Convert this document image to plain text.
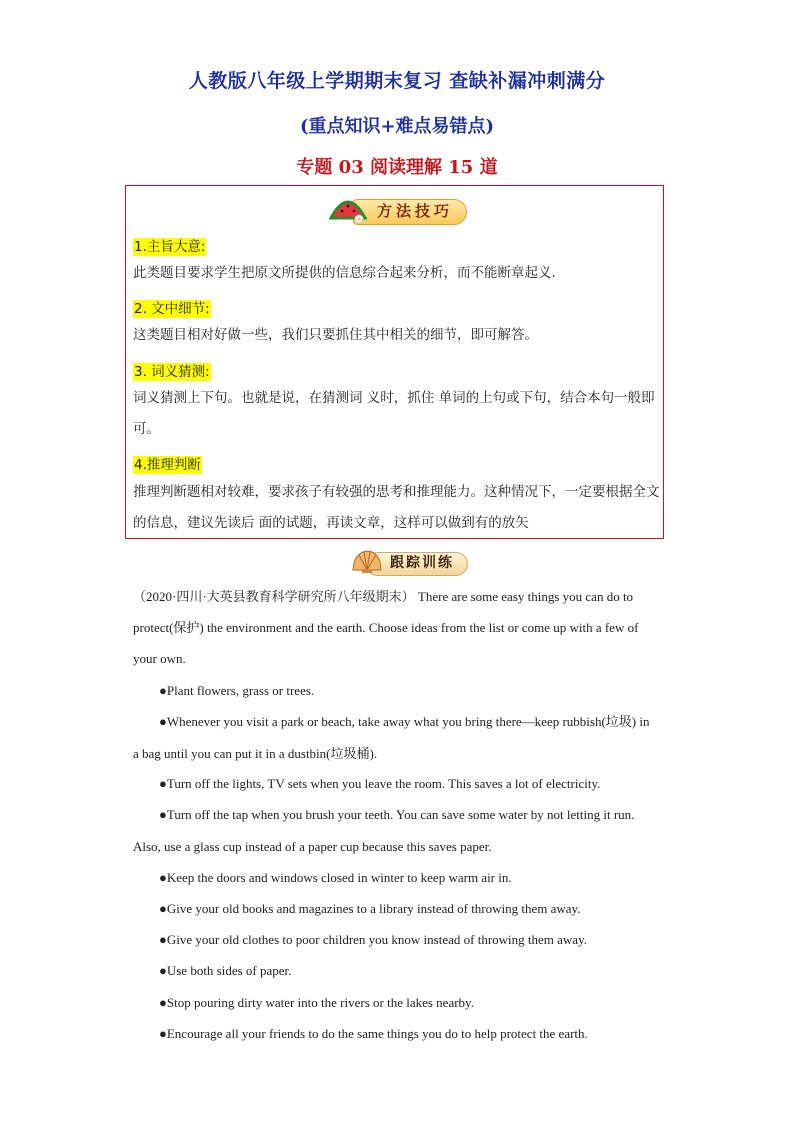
人教版八年级上学期期末复习 查缺补漏冲刺满分
(重点知识+难点易错点)
专题 03 阅读理解 15 道
方法技巧
1.主旨大意:
此类题目要求学生把原文所提供的信息综合起来分析，而不能断章起义.
2. 文中细节:
这类题目相对好做一些，我们只要抓住其中相关的细节，即可解答。
3. 词义猜测:
词义猜测上下句。也就是说，在猜测词 义时，抓住 单词的上句或下句，结合本句一般即可。
4.推理判断
推理判断题相对较难，要求孩子有较强的思考和推理能力。这种情况下，一定要根据全文的信息，建议先读后 面的试题，再读文章，这样可以做到有的放矢
跟踪训练
（2020·四川·大英县教育科学研究所八年级期末） There are some easy things you can do to protect(保护) the environment and the earth. Choose ideas from the list or come up with a few of your own.
●Plant flowers, grass or trees.
●Whenever you visit a park or beach, take away what you bring there—keep rubbish(垃圾) in a bag until you can put it in a dustbin(垃圾桶).
●Turn off the lights, TV sets when you leave the room. This saves a lot of electricity.
●Turn off the tap when you brush your teeth. You can save some water by not letting it run. Also, use a glass cup instead of a paper cup because this saves paper.
●Keep the doors and windows closed in winter to keep warm air in.
●Give your old books and magazines to a library instead of throwing them away.
●Give your old clothes to poor children you know instead of throwing them away.
●Use both sides of paper.
●Stop pouring dirty water into the rivers or the lakes nearby.
●Encourage all your friends to do the same things you do to help protect the earth.
